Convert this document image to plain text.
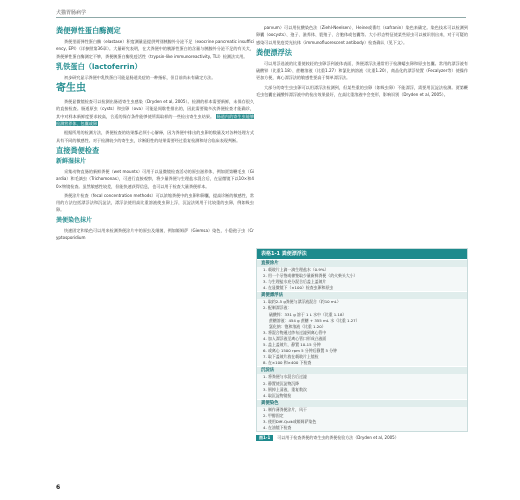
犬猫胃肠病学
粪便弹性蛋白酶测定

粪便里面弹性蛋白酶（elastase）积度测量是提供判别胰腺外分泌不足（exocrine pancreatic insufficiency, EPI）（详参照第36章）。大量研究表明，在犬粪便中的胰源性蛋白的含量与胰腺外分泌不足的有关犬，粪便弹性蛋白酶测定不够，粪便胰蛋白酶免疫活性（trypsin-like immunoreactivity, TLI）检测法实用。

乳铁蛋白（lactoferrin）

初步研究显示粪便中乳铁蛋白可能是肠道炎症的一种指标，但目前尚未有确定方法。

寄生虫

粪便显微镜检查可以检测出肠道寄生虫感染（Dryden et al, 2005）。检测的样本需要新鲜，未保存很久的直接检查。肠道原虫（cysts）和虫卵（ova）可能是间歇性排出的，因此需要做多次粪便检查才能确诊，其中对样本新鲜度要求较高，合适的保存条件能够使所需取样的一些检出寄生虫结果。 肠道内的寄生虫能够检测营养体、包囊或卵

根据所用的检测方法，粪便检查的结果都必须小心解释，因为粪便中排出的虫卵的数量及对各种处理方式具有不同的敏感性。对于检测较少的寄生虫，诊断阳性的结果需要经过重复检测和结合临床表现判断。

直接粪便检查
新鲜湿抹片

采集动物直肠的新鲜粪便（wet mounts）可用于以显微镜检查活动的原虫滋养体，例如贾第鞭毛虫（Giardia）和毛滴虫（Trichomonas），可进行直接观察，将少量粪便与生理盐水混合后，在显微镜下以10×和40×物镜检查。虽然敏感性较差，但能快速获得信息，也可以用于检查大量粪便样本。

粪便涂片检查（fecal concentration methods）可以浓缩粪便中的虫卵和卵囊，提高诊断的敏感性，常用的方法包括漂浮法和沉淀法，漂浮法使用高比重溶液使虫卵上浮，沉淀法则用于比较重的虫卵，例如吸虫卵。

粪便染色抹片

快速固定和染色可以用来检测粪便涂片中的原虫及细菌，例如姬姆萨（Giemsa）染色，小隐孢子虫（Cryptosporidium

parvum）可以用抗酸染色法（Ziehl-Neelsen）、Heine或番红（safranin）染色来确定。染色技术可以检测到卵囊（oocysts）、孢子、滋养体、裂殖子、合胞体或包囊等。大小形态特征使某些原虫可以被识别出来，对于可疑的感染可以用免疫荧光抗体（immunofluorescent antibody）检查确认（见下文）。

粪便漂浮法

可以用浮选液的比重使较轻的虫卵浮到液体表面，粪便漂浮法通常用于检测蠕虫卵和原虫包囊。常用的漂浮液有硫酸锌（比重1.18）、蔗糖溶液（比重1.27）和氯化钠溶液（比重1.20），商品化的漂浮装置（Fecalyzer等）使操作更加方便，离心漂浮法的敏感性要高于简单漂浮法。

大部分的寄生虫虫卵可以用漂浮法检测到，但某些重的虫卵（如吸虫卵）不能漂浮，需要用沉淀法检测。贾第鞭毛虫包囊在硫酸锌漂浮液中的检出效果最好，在高比重溶液中会变形，影响识别（Dryden et al, 2005）。

表格1-1 粪便漂浮法
直接涂片
1. 载玻片上滴一滴生理盐水（0.9%）
2. 用一个牙签或棉签取少量新鲜粪便（约火柴头大小）
3. 与生理盐水充分混合后盖上盖玻片
4. 在显微镜下（×100）检查虫卵和原虫
粪便漂浮法
1. 取约2-5 g粪便与漂浮液混合（约10 mL）
2. 配制漂浮液：
硫酸锌：331 g 溶于 1 L 水中（比重 1.18）
蔗糖溶液：454 g 蔗糖 + 355 mL 水（比重 1.27）
氯化钠：饱和溶液（比重 1.20）
3. 将混合物通过纱布过滤到离心管中
4. 加入漂浮液至离心管口形成凸液面
5. 盖上盖玻片，静置 10-15 分钟
6. 或离心 1500 rpm 5 分钟后静置 5 分钟
7. 取下盖玻片放在载玻片上镜检
8. 在×100 和×400 下检查
沉淀法
1. 将粪便与水混合后过滤
2. 静置使沉淀物沉降
3. 倒掉上清液，重复数次
4. 取沉淀物镜检
粪便染色
1. 制作薄粪便涂片，风干
2. 甲醇固定
3. 使用Diff-Quik或姬姆萨染色
4. 在油镜下检查
图1-1 可以用于检查粪便的寄生虫的粪便检验方法（Dryden et al, 2005）
6
